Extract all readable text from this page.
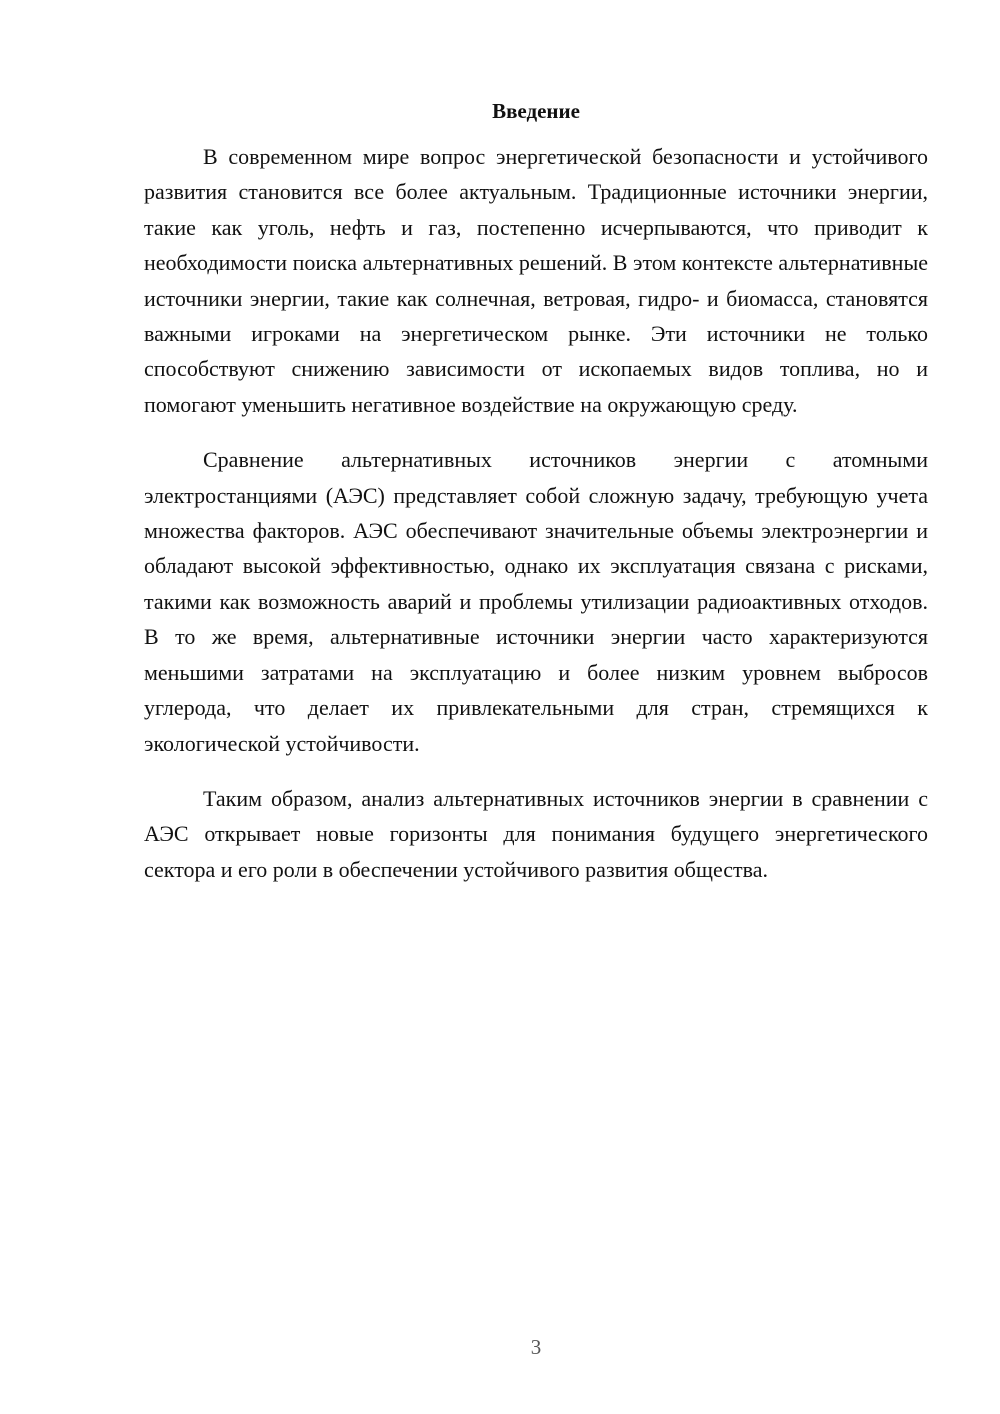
Введение

В современном мире вопрос энергетической безопасности и устойчивого развития становится все более актуальным. Традиционные источники энергии, такие как уголь, нефть и газ, постепенно исчерпываются, что приводит к необходимости поиска альтернативных решений. В этом контексте альтернативные источники энергии, такие как солнечная, ветровая, гидро- и биомасса, становятся важными игроками на энергетическом рынке. Эти источники не только способствуют снижению зависимости от ископаемых видов топлива, но и помогают уменьшить негативное воздействие на окружающую среду.

Сравнение альтернативных источников энергии с атомными электростанциями (АЭС) представляет собой сложную задачу, требующую учета множества факторов. АЭС обеспечивают значительные объемы электроэнергии и обладают высокой эффективностью, однако их эксплуатация связана с рисками, такими как возможность аварий и проблемы утилизации радиоактивных отходов. В то же время, альтернативные источники энергии часто характеризуются меньшими затратами на эксплуатацию и более низким уровнем выбросов углерода, что делает их привлекательными для стран, стремящихся к экологической устойчивости.

Таким образом, анализ альтернативных источников энергии в сравнении с АЭС открывает новые горизонты для понимания будущего энергетического сектора и его роли в обеспечении устойчивого развития общества.

3
